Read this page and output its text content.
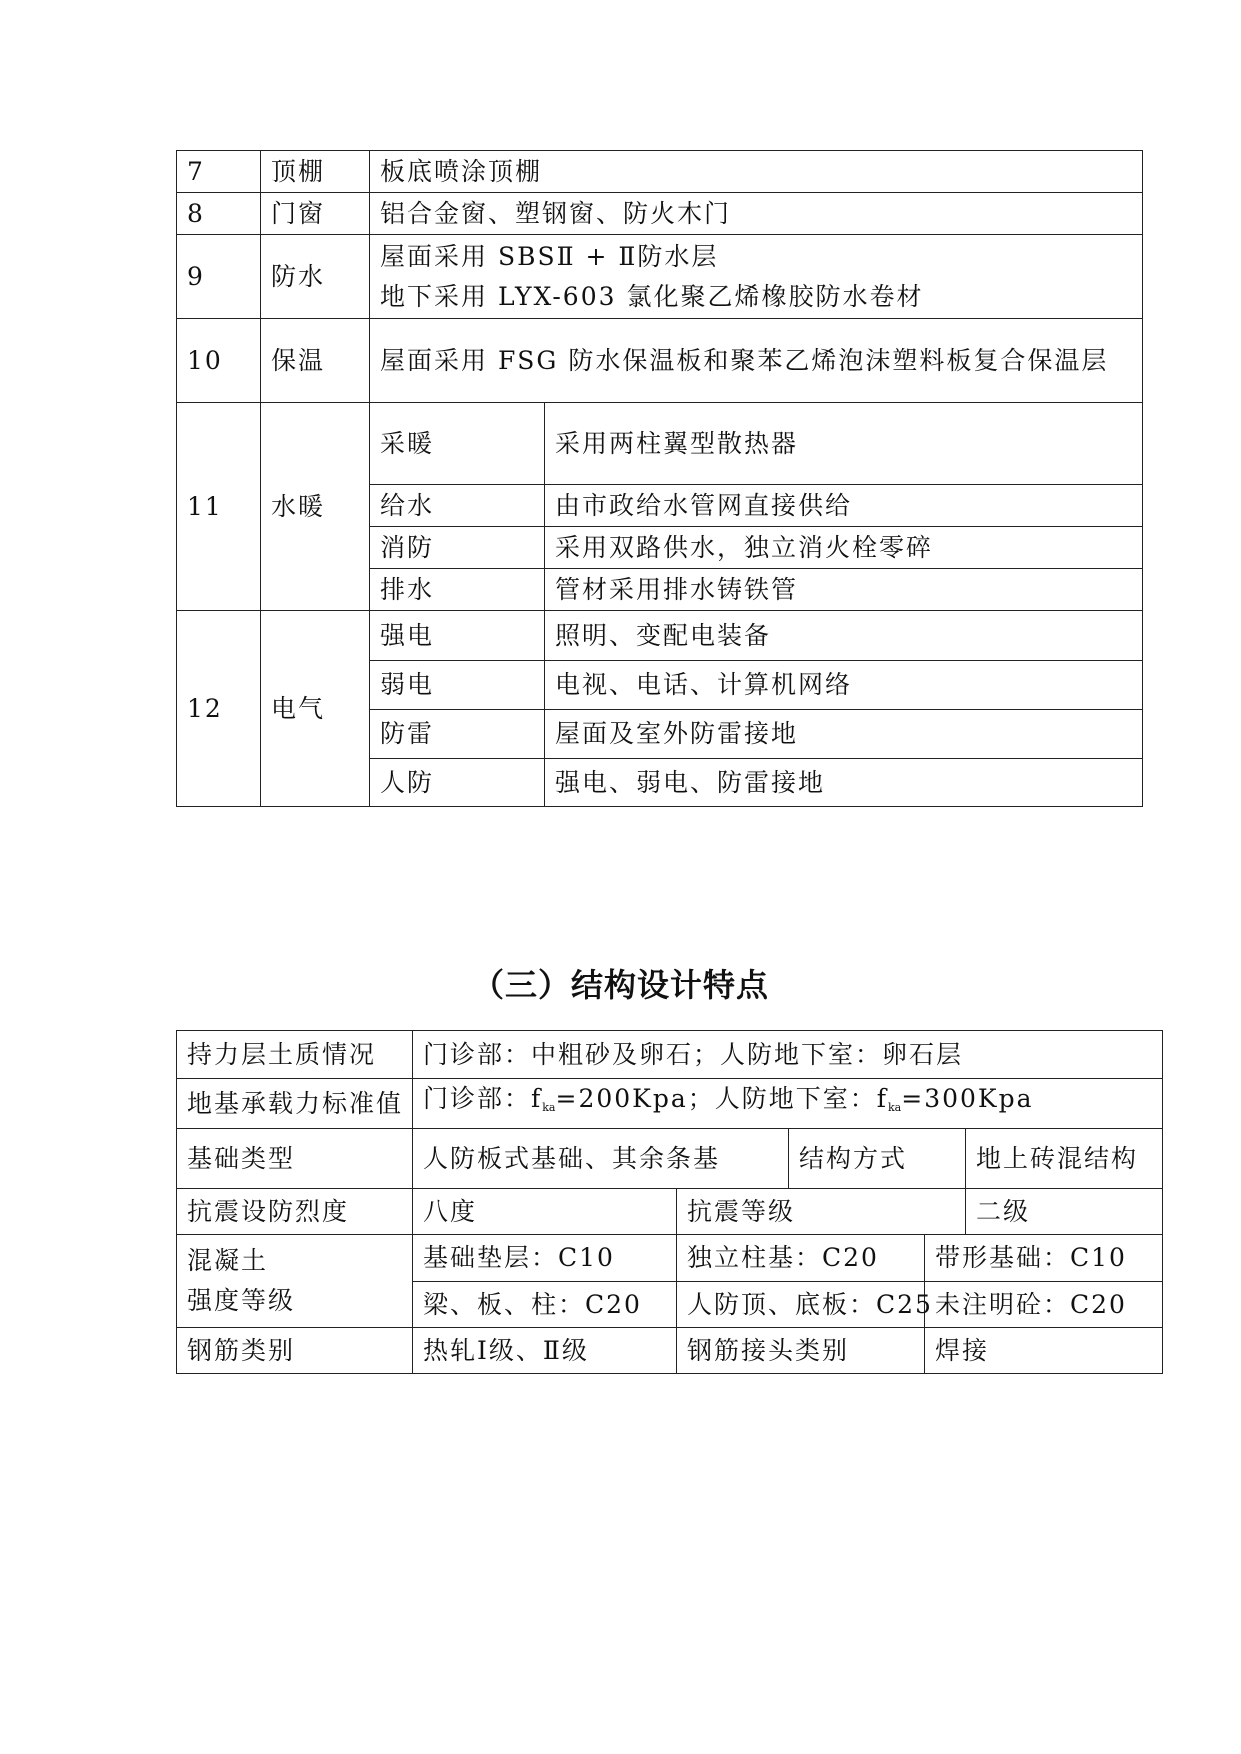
7	顶棚	板底喷涂顶棚	
8	门窗	铝合金窗、塑钢窗、防火木门	
9	防水	屋面采用 SBSⅡ + Ⅱ防水层
地下采用 LYX-603 氯化聚乙烯橡胶防水卷材	

10	保温	屋面采用 FSG 防水保温板和聚苯乙烯泡沫塑料板复合保温层	
11	水暖	采暖	采用两柱翼型散热器
		给水	由市政给水管网直接供给
		消防	采用双路供水，独立消火栓零碎
		排水	管材采用排水铸铁管
12	电气	强电	照明、变配电装备
		弱电	电视、电话、计算机网络
		防雷	屋面及室外防雷接地
		人防	强电、弱电、防雷接地
（三）结构设计特点
持力层土质情况	门诊部：中粗砂及卵石；人防地下室：卵石层				
地基承载力标准值	门诊部：$f_{ka}=200Kpa$；人防地下室：$f_{ka}=300Kpa$				
基础类型	人防板式基础、其余条基		结构方式		地上砖混结构
抗震设防烈度	八度	抗震等级			二级

混凝土
强度等级	基础垫层：C10	独立柱基：C20		带形基础：C10	
	梁、板、柱：C20	人防顶、底板：C25		未注明砼：C20	
钢筋类别	热轧Ⅰ级、Ⅱ级	钢筋接头类别		焊接	
